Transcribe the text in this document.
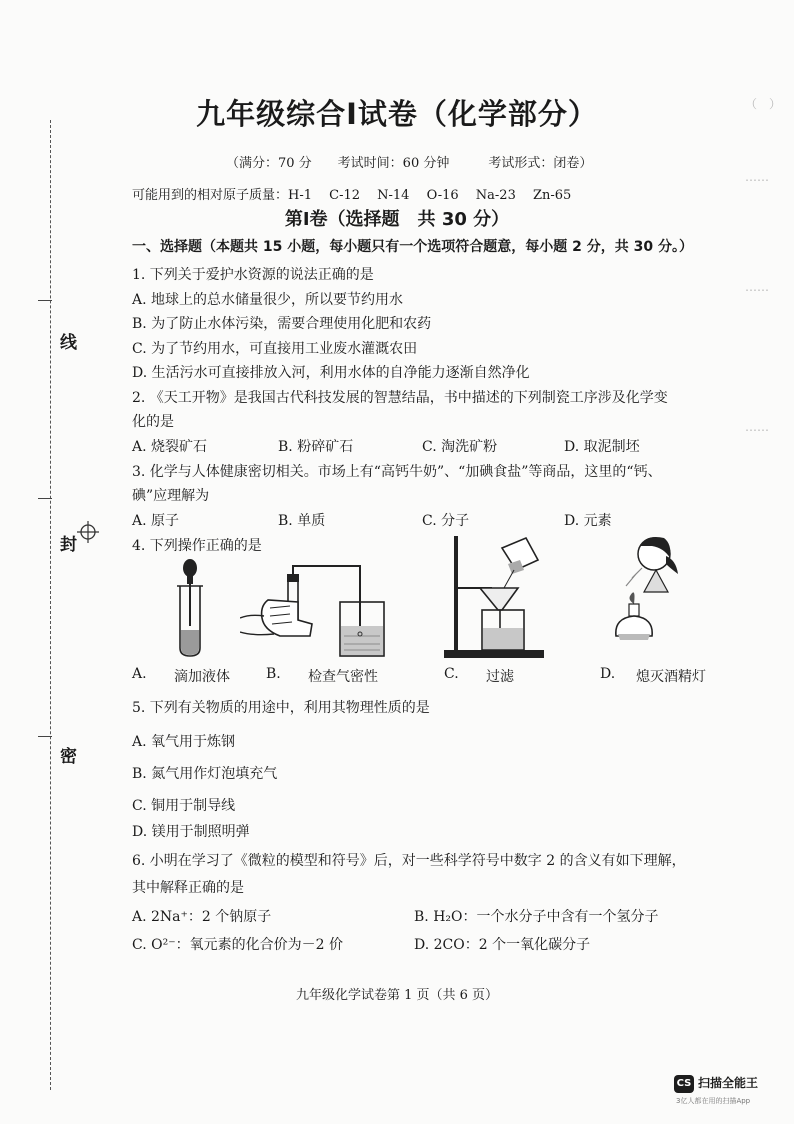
线
封
密
（　）
……
……
……
九年级综合Ⅰ试卷（化学部分）
（满分：70 分　　考试时间：60 分钟　　　考试形式：闭卷）
可能用到的相对原子质量：H-1　 C-12　 N-14　 O-16　 Na-23　 Zn-65
第Ⅰ卷（选择题　共 30 分）
一、选择题（本题共 15 小题，每小题只有一个选项符合题意，每小题 2 分，共 30 分。）
1. 下列关于爱护水资源的说法正确的是
A. 地球上的总水储量很少，所以要节约用水
B. 为了防止水体污染，需要合理使用化肥和农药
C. 为了节约用水，可直接用工业废水灌溉农田
D. 生活污水可直接排放入河，利用水体的自净能力逐渐自然净化
2. 《天工开物》是我国古代科技发展的智慧结晶，书中描述的下列制瓷工序涉及化学变
化的是
A. 烧裂矿石	B. 粉碎矿石	C. 淘洗矿粉	D. 取泥制坯
3. 化学与人体健康密切相关。市场上有“高钙牛奶”、“加碘食盐”等商品，这里的“钙、
碘”应理解为
A. 原子	B. 单质	C. 分子	D. 元素
4. 下列操作正确的是
A. 滴加液体	B. 检查气密性	C. 过滤	D. 熄灭酒精灯
5. 下列有关物质的用途中，利用其物理性质的是
A. 氧气用于炼钢
B. 氮气用作灯泡填充气
C. 铜用于制导线
D. 镁用于制照明弹
6. 小明在学习了《微粒的模型和符号》后，对一些科学符号中数字 2 的含义有如下理解，
其中解释正确的是
A. 2Na⁺：2 个钠原子	B. H₂O：一个水分子中含有一个氢分子
C. O²⁻：氧元素的化合价为－2 价	D. 2CO：2 个一氧化碳分子
九年级化学试卷第 1 页（共 6 页）
CS 扫描全能王
3亿人都在用的扫描App
